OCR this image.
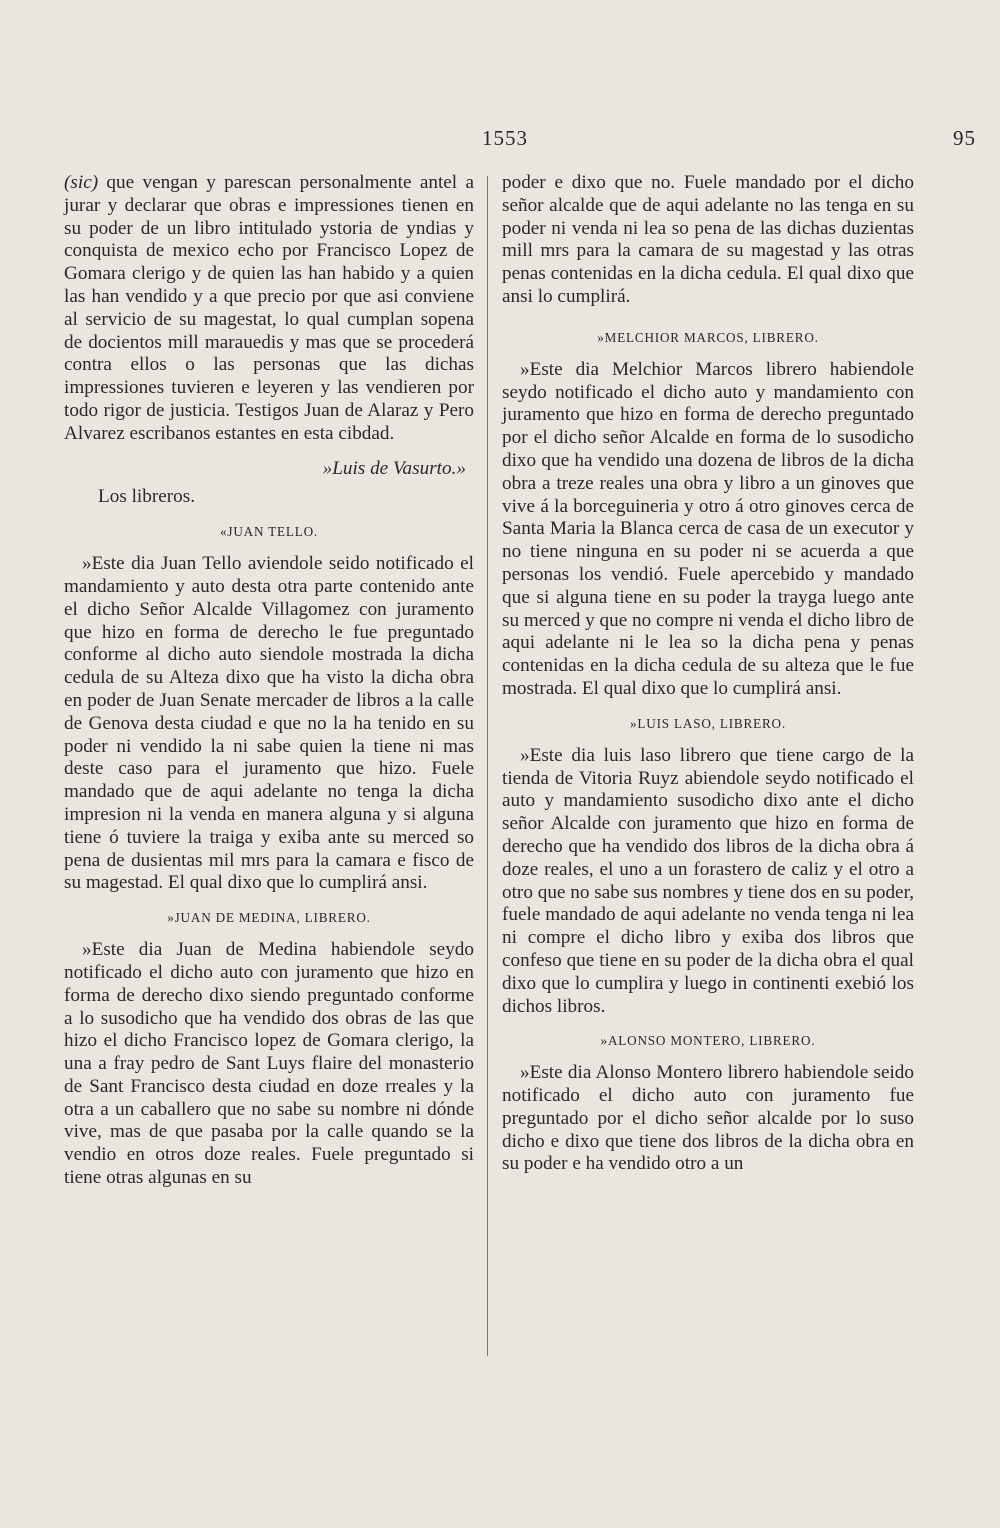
1553	95

(sic) que vengan y parescan personalmente antel a jurar y declarar que obras e impressiones tienen en su poder de un libro intitulado ystoria de yndias y conquista de mexico echo por Francisco Lopez de Gomara clerigo y de quien las han habido y a quien las han vendido y a que precio por que asi conviene al servicio de su magestat, lo qual cumplan sopena de docientos mill marauedis y mas que se procederá contra ellos o las personas que las dichas impressiones tuvieren e leyeren y las vendieren por todo rigor de justicia. Testigos Juan de Alaraz y Pero Alvarez escribanos estantes en esta cibdad.

»Luis de Vasurto.»

Los libreros.

«JUAN TELLO.

»Este dia Juan Tello aviendole seido notificado el mandamiento y auto desta otra parte contenido ante el dicho Señor Alcalde Villagomez con juramento que hizo en forma de derecho le fue preguntado conforme al dicho auto siendole mostrada la dicha cedula de su Alteza dixo que ha visto la dicha obra en poder de Juan Senate mercader de libros a la calle de Genova desta ciudad e que no la ha tenido en su poder ni vendido la ni sabe quien la tiene ni mas deste caso para el juramento que hizo. Fuele mandado que de aqui adelante no tenga la dicha impresion ni la venda en manera alguna y si alguna tiene ó tuviere la traiga y exiba ante su merced so pena de dusientas mil mrs para la camara e fisco de su magestad. El qual dixo que lo cumplirá ansi.

»JUAN DE MEDINA, LIBRERO.

»Este dia Juan de Medina habiendole seydo notificado el dicho auto con juramento que hizo en forma de derecho dixo siendo preguntado conforme a lo susodicho que ha vendido dos obras de las que hizo el dicho Francisco lopez de Gomara clerigo, la una a fray pedro de Sant Luys flaire del monasterio de Sant Francisco desta ciudad en doze rreales y la otra a un caballero que no sabe su nombre ni dónde vive, mas de que pasaba por la calle quando se la vendio en otros doze reales. Fuele preguntado si tiene otras algunas en su

poder e dixo que no. Fuele mandado por el dicho señor alcalde que de aqui adelante no las tenga en su poder ni venda ni lea so pena de las dichas duzientas mill mrs para la camara de su magestad y las otras penas contenidas en la dicha cedula. El qual dixo que ansi lo cumplirá.

»MELCHIOR MARCOS, LIBRERO.

»Este dia Melchior Marcos librero habiendole seydo notificado el dicho auto y mandamiento con juramento que hizo en forma de derecho preguntado por el dicho señor Alcalde en forma de lo susodicho dixo que ha vendido una dozena de libros de la dicha obra a treze reales una obra y libro a un ginoves que vive á la borceguineria y otro á otro ginoves cerca de Santa Maria la Blanca cerca de casa de un executor y no tiene ninguna en su poder ni se acuerda a que personas los vendió. Fuele apercebido y mandado que si alguna tiene en su poder la trayga luego ante su merced y que no compre ni venda el dicho libro de aqui adelante ni le lea so la dicha pena y penas contenidas en la dicha cedula de su alteza que le fue mostrada. El qual dixo que lo cumplirá ansi.

»LUIS LASO, LIBRERO.

»Este dia luis laso librero que tiene cargo de la tienda de Vitoria Ruyz abiendole seydo notificado el auto y mandamiento susodicho dixo ante el dicho señor Alcalde con juramento que hizo en forma de derecho que ha vendido dos libros de la dicha obra á doze reales, el uno a un forastero de caliz y el otro a otro que no sabe sus nombres y tiene dos en su poder, fuele mandado de aqui adelante no venda tenga ni lea ni compre el dicho libro y exiba dos libros que confeso que tiene en su poder de la dicha obra el qual dixo que lo cumplira y luego in continenti exebió los dichos libros.

»ALONSO MONTERO, LIBRERO.

»Este dia Alonso Montero librero habiendole seido notificado el dicho auto con juramento fue preguntado por el dicho señor alcalde por lo suso dicho e dixo que tiene dos libros de la dicha obra en su poder e ha vendido otro a un
